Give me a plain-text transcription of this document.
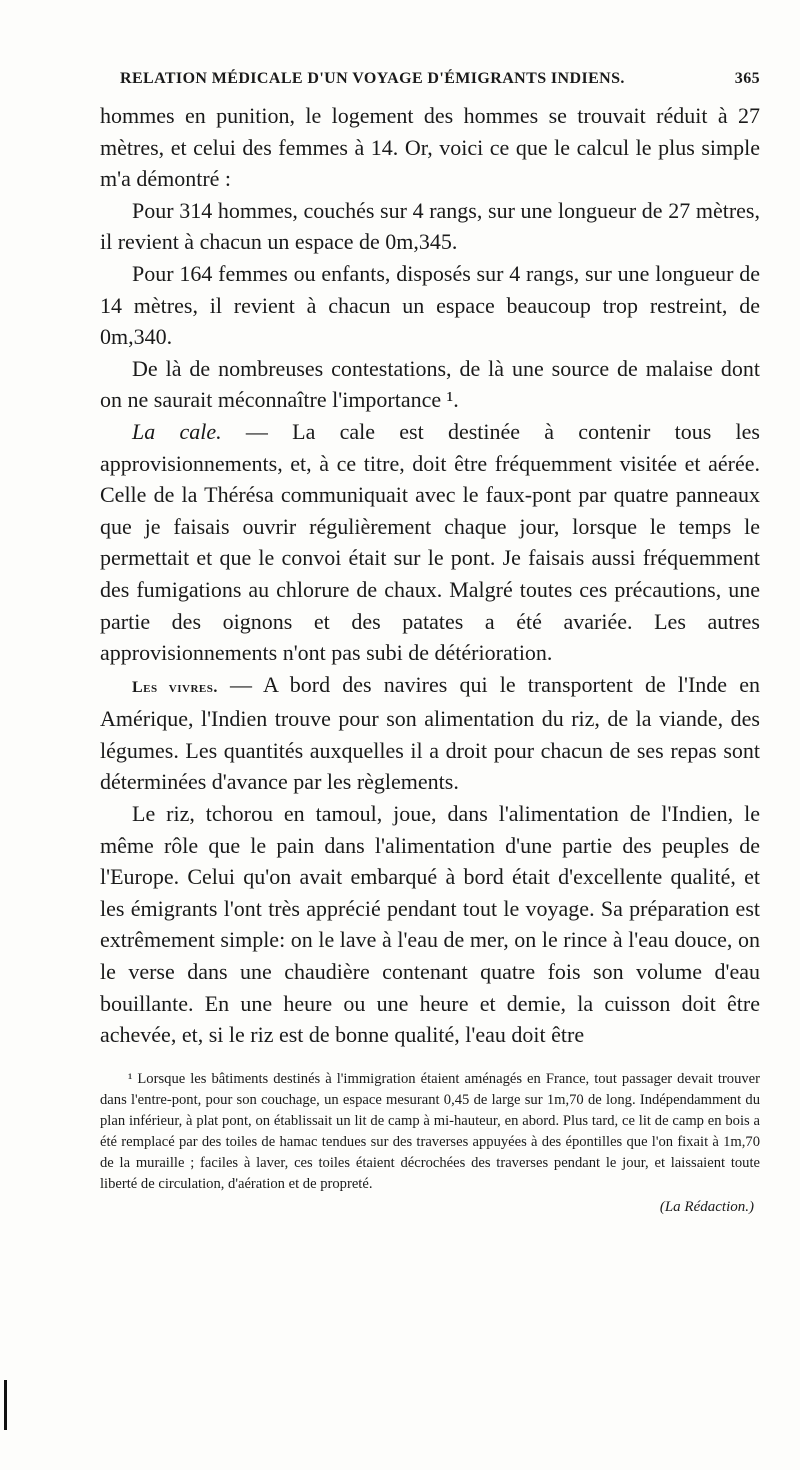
RELATION MÉDICALE D'UN VOYAGE D'ÉMIGRANTS INDIENS.	365

hommes en punition, le logement des hommes se trouvait réduit à 27 mètres, et celui des femmes à 14. Or, voici ce que le calcul le plus simple m'a démontré :

Pour 314 hommes, couchés sur 4 rangs, sur une longueur de 27 mètres, il revient à chacun un espace de 0m,345.

Pour 164 femmes ou enfants, disposés sur 4 rangs, sur une longueur de 14 mètres, il revient à chacun un espace beaucoup trop restreint, de 0m,340.

De là de nombreuses contestations, de là une source de malaise dont on ne saurait méconnaître l'importance ¹.

La cale. — La cale est destinée à contenir tous les approvisionnements, et, à ce titre, doit être fréquemment visitée et aérée. Celle de la Thérésa communiquait avec le faux-pont par quatre panneaux que je faisais ouvrir régulièrement chaque jour, lorsque le temps le permettait et que le convoi était sur le pont. Je faisais aussi fréquemment des fumigations au chlorure de chaux. Malgré toutes ces précautions, une partie des oignons et des patates a été avariée. Les autres approvisionnements n'ont pas subi de détérioration.

Les vivres. — A bord des navires qui le transportent de l'Inde en Amérique, l'Indien trouve pour son alimentation du riz, de la viande, des légumes. Les quantités auxquelles il a droit pour chacun de ses repas sont déterminées d'avance par les règlements.

Le riz, tchorou en tamoul, joue, dans l'alimentation de l'Indien, le même rôle que le pain dans l'alimentation d'une partie des peuples de l'Europe. Celui qu'on avait embarqué à bord était d'excellente qualité, et les émigrants l'ont très apprécié pendant tout le voyage. Sa préparation est extrêmement simple: on le lave à l'eau de mer, on le rince à l'eau douce, on le verse dans une chaudière contenant quatre fois son volume d'eau bouillante. En une heure ou une heure et demie, la cuisson doit être achevée, et, si le riz est de bonne qualité, l'eau doit être

¹ Lorsque les bâtiments destinés à l'immigration étaient aménagés en France, tout passager devait trouver dans l'entre-pont, pour son couchage, un espace mesurant 0,45 de large sur 1m,70 de long. Indépendamment du plan inférieur, à plat pont, on établissait un lit de camp à mi-hauteur, en abord. Plus tard, ce lit de camp en bois a été remplacé par des toiles de hamac tendues sur des traverses appuyées à des épontilles que l'on fixait à 1m,70 de la muraille ; faciles à laver, ces toiles étaient décrochées des traverses pendant le jour, et laissaient toute liberté de circulation, d'aération et de propreté.

(La Rédaction.)
